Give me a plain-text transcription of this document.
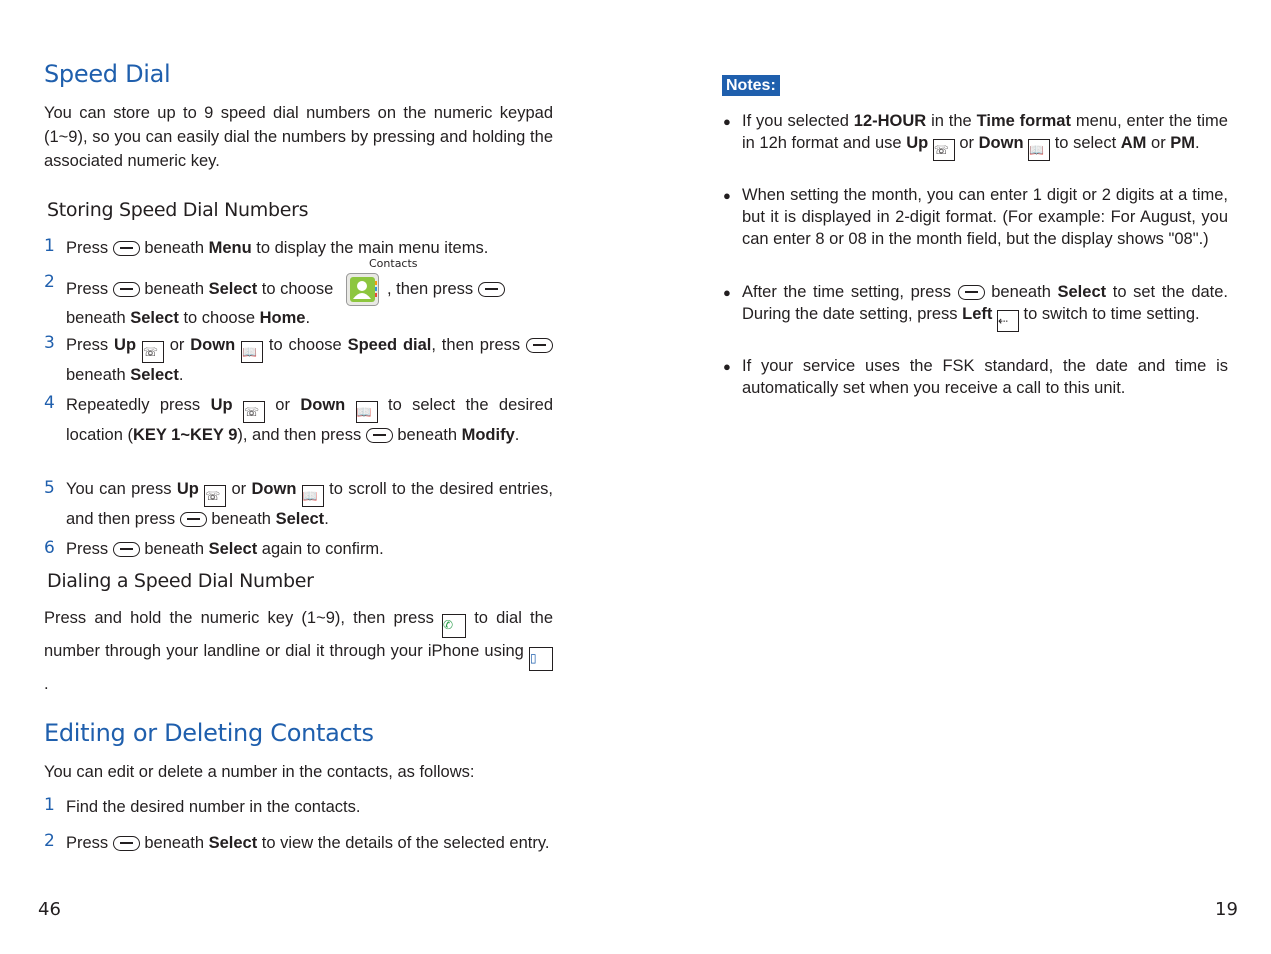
Speed Dial
You can store up to 9 speed dial numbers on the numeric keypad (1~9), so you can easily dial the numbers by pressing and holding the associated numeric key.
Storing Speed Dial Numbers
1 Press  beneath Menu to display the main menu items.
Contacts
2 Press  beneath Select to choose	, then press
beneath Select to choose Home.
3 Press Up ☏ or Down 📖 to choose Speed dial, then press  beneath Select.
4 Repeatedly press Up ☏ or Down 📖 to select the desired location (KEY 1~KEY 9), and then press  beneath Modify.
5 You can press Up ☏ or Down 📖 to scroll to the desired entries, and then press  beneath Select.
6 Press  beneath Select again to confirm.
Dialing a Speed Dial Number
Press and hold the numeric key (1~9), then press ✆ to dial the number through your landline or dial it through your iPhone using ▯ .
Editing or Deleting Contacts
You can edit or delete a number in the contacts, as follows:
1 Find the desired number in the contacts.
2 Press  beneath Select to view the details of the selected entry.
46
Notes:
● If you selected 12-HOUR in the Time format menu, enter the time in 12h format and use Up ☏ or Down 📖 to select AM or PM.
● When setting the month, you can enter 1 digit or 2 digits at a time, but it is displayed in 2-digit format. (For example: For August, you can enter 8 or 08 in the month field, but the display shows "08".)
● After the time setting, press  beneath Select to set the date. During the date setting, press Left ⇠ to switch to time setting.
● If your service uses the FSK standard, the date and time is automatically set when you receive a call to this unit.
19
